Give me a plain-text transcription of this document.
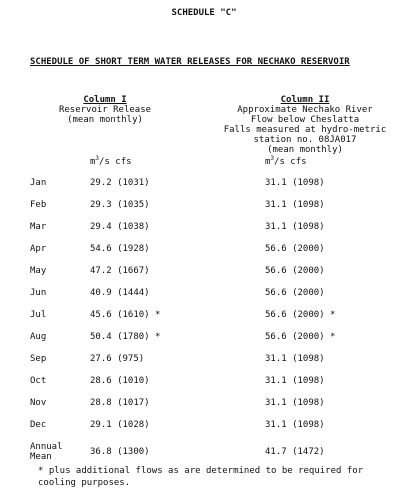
SCHEDULE "C"
SCHEDULE OF SHORT TERM WATER RELEASES FOR NECHAKO RESERVOIR
Column I
Reservoir Release
(mean monthly)
Column II
Approximate Nechako River
Flow below Cheslatta
Falls measured at hydro-metric
station no. 08JA017
(mean monthly)
$m^3/s$ cfs	$m^3/s$ cfs
Jan	29.2 (1031)	31.1 (1098)
Feb	29.3 (1035)	31.1 (1098)
Mar	29.4 (1038)	31.1 (1098)
Apr	54.6 (1928)	56.6 (2000)
May	47.2 (1667)	56.6 (2000)
Jun	40.9 (1444)	56.6 (2000)
Jul	45.6 (1610) *	56.6 (2000) *
Aug	50.4 (1780) *	56.6 (2000) *
Sep	27.6 (975)	31.1 (1098)
Oct	28.6 (1010)	31.1 (1098)
Nov	28.8 (1017)	31.1 (1098)
Dec	29.1 (1028)	31.1 (1098)
Annual
Mean	36.8 (1300)	41.7 (1472)
* plus additional flows as are determined to be required for
cooling purposes.
